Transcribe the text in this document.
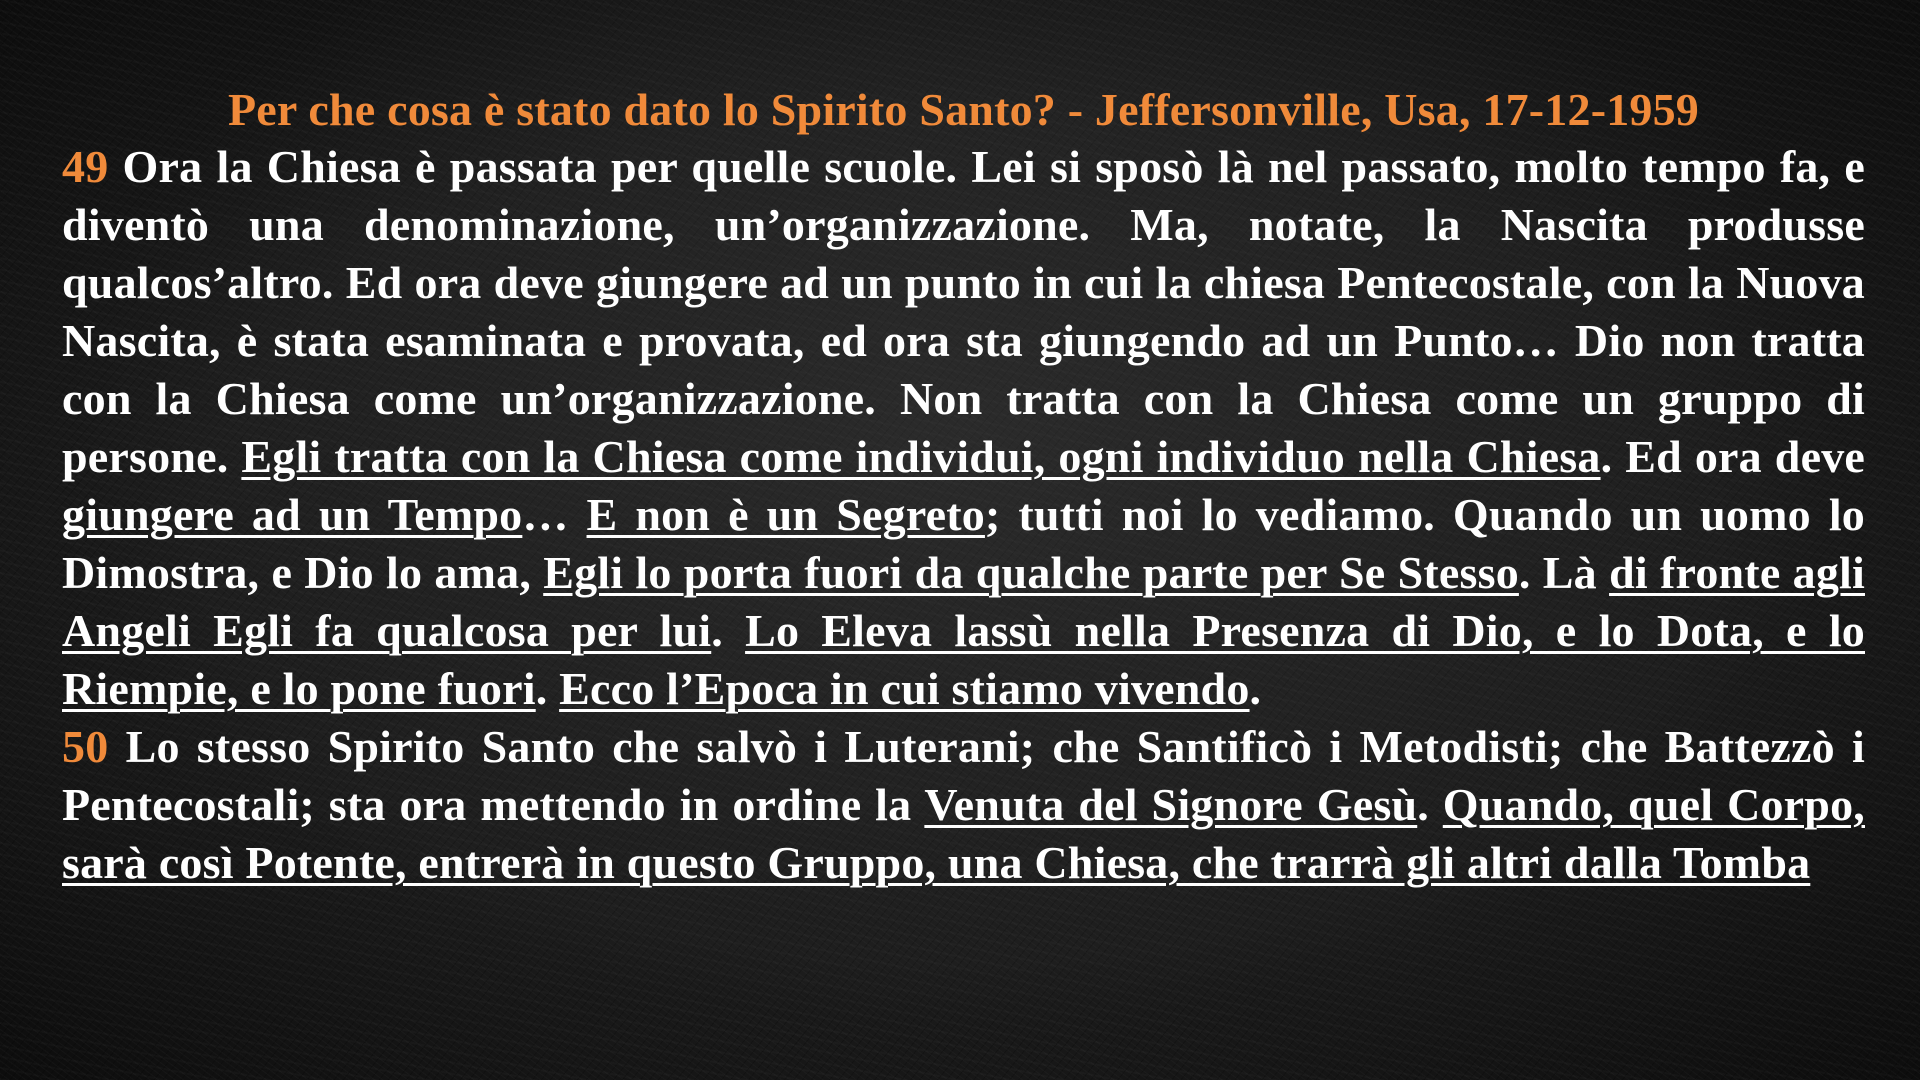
Per che cosa è stato dato lo Spirito Santo? - Jeffersonville, Usa, 17-12-1959

49 Ora la Chiesa è passata per quelle scuole. Lei si sposò là nel passato, molto tempo fa, e diventò una denominazione, un’organizzazione. Ma, notate, la Nascita produsse qualcos’altro. Ed ora deve giungere ad un punto in cui la chiesa Pentecostale, con la Nuova Nascita, è stata esaminata e provata, ed ora sta giungendo ad un Punto… Dio non tratta con la Chiesa come un’organizzazione. Non tratta con la Chiesa come un gruppo di persone. Egli tratta con la Chiesa come individui, ogni individuo nella Chiesa. Ed ora deve giungere ad un Tempo… E non è un Segreto; tutti noi lo vediamo. Quando un uomo lo Dimostra, e Dio lo ama, Egli lo porta fuori da qualche parte per Se Stesso. Là di fronte agli Angeli Egli fa qualcosa per lui. Lo Eleva lassù nella Presenza di Dio, e lo Dota, e lo Riempie, e lo pone fuori. Ecco l’Epoca in cui stiamo vivendo.

50 Lo stesso Spirito Santo che salvò i Luterani; che Santificò i Metodisti; che Battezzò i Pentecostali; sta ora mettendo in ordine la Venuta del Signore Gesù. Quando, quel Corpo, sarà così Potente, entrerà in questo Gruppo, una Chiesa, che trarrà gli altri dalla Tomba
